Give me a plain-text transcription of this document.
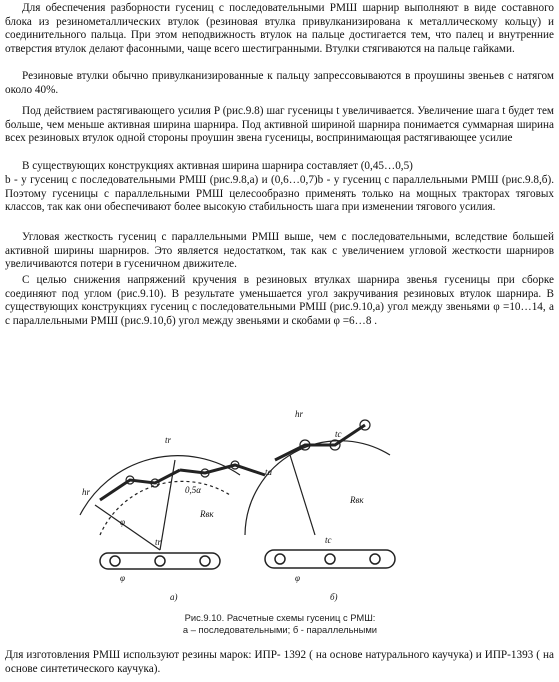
Для обеспечения разборности гусениц с последовательными РМШ шарнир выполняют в виде составного блока из резинометаллических втулок (резиновая втулка привулканизирована к металлическому кольцу) и соединительного пальца. При этом неподвижность втулок на пальце достигается тем, что палец и внутренние отверстия втулок делают фасонными, чаще всего шестигранными. Втулки стягиваются на пальце гайками.

Резиновые втулки обычно привулканизированные к пальцу запрессовываются в проушины звеньев с натягом около 40%.

Под действием растягивающего усилия P (рис.9.8) шаг гусеницы t увеличивается. Увеличение шага t будет тем больше, чем меньше активная ширина шарнира. Под активной шириной шарнира понимается суммарная ширина всех резиновых втулок одной стороны проушин звена гусеницы, воспринимающая растягивающее усилие

В существующих конструкциях активная ширина шарнира составляет (0,45…0,5)

b - у гусениц с последовательными РМШ (рис.9.8,а) и (0,6…0,7)b - у гусениц с параллельными РМШ (рис.9.8,б). Поэтому гусеницы с параллельными РМШ целесообразно применять только на мощных тракторах тяговых классов, так как они обеспечивают более высокую стабильность шага при изменении тягового усилия.

Угловая жесткость гусениц с параллельными РМШ выше, чем с последовательными, вследствие большей активной ширины шарниров. Это является недостатком, так как с увеличением угловой жесткости шарниров увеличиваются потери в гусеничном движителе.

С целью снижения напряжений кручения в резиновых втулках шарнира звенья гусеницы при сборке соединяют под углом (рис.9.10). В результате уменьшается угол закручивания резиновых втулок шарнира. В существующих конструкциях гусениц с последовательными РМШ (рис.9.10,а) угол между звеньями φ =10…14, а с параллельными РМШ (рис.9.10,б) угол между звеньями и скобами φ =6…8 .

hr
tr
φ
0,5α
Rвк
hr
tc
ta
Rвк
tr
φ
tc
φ
а)	б)
Рис.9.10. Расчетные схемы гусениц с РМШ:
а – последовательными; б - параллельными

Для изготовления РМШ используют резины марок: ИПР- 1392 ( на основе натурального каучука) и ИПР-1393 ( на основе синтетического каучука).
